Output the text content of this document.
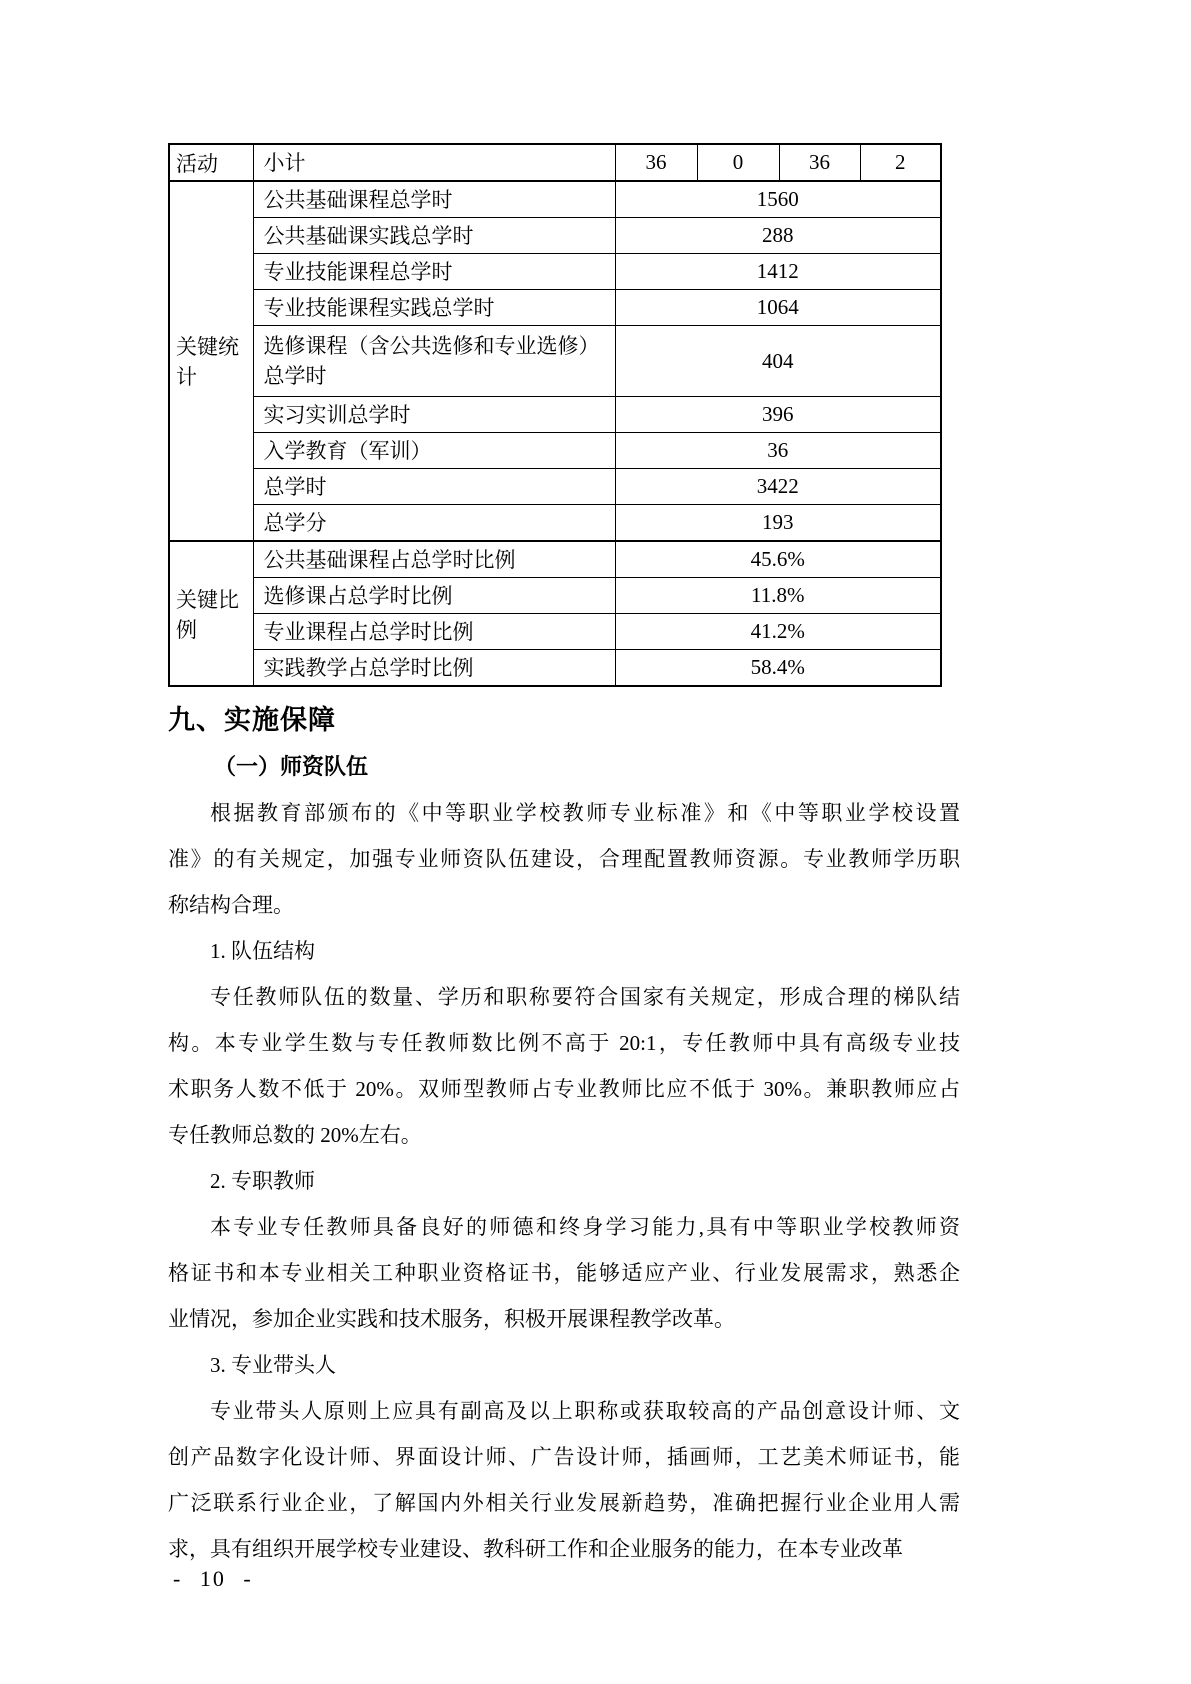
活动	小计	36	0	36	2
关键统计	公共基础课程总学时	1560			
	公共基础课实践总学时	288			
	专业技能课程总学时	1412			
	专业技能课程实践总学时	1064			
	选修课程（含公共选修和专业选修）总学时	404			
	实习实训总学时	396			
	入学教育（军训）	36			
	总学时	3422			
	总学分	193			
关键比例	公共基础课程占总学时比例	45.6%			
	选修课占总学时比例	11.8%			
	专业课程占总学时比例	41.2%			
	实践教学占总学时比例	58.4%			
九、实施保障
（一）师资队伍
根据教育部颁布的《中等职业学校教师专业标准》和《中等职业学校设置
准》的有关规定，加强专业师资队伍建设，合理配置教师资源。专业教师学历职
称结构合理。
1. 队伍结构
专任教师队伍的数量、学历和职称要符合国家有关规定，形成合理的梯队结
构。本专业学生数与专任教师数比例不高于 20:1，专任教师中具有高级专业技
术职务人数不低于 20%。双师型教师占专业教师比应不低于 30%。兼职教师应占
专任教师总数的 20%左右。
2. 专职教师
本专业专任教师具备良好的师德和终身学习能力,具有中等职业学校教师资
格证书和本专业相关工种职业资格证书，能够适应产业、行业发展需求，熟悉企
业情况，参加企业实践和技术服务，积极开展课程教学改革。
3. 专业带头人
专业带头人原则上应具有副高及以上职称或获取较高的产品创意设计师、文
创产品数字化设计师、界面设计师、广告设计师，插画师，工艺美术师证书，能
广泛联系行业企业，了解国内外相关行业发展新趋势，准确把握行业企业用人需
求，具有组织开展学校专业建设、教科研工作和企业服务的能力，在本专业改革
- 10 -
